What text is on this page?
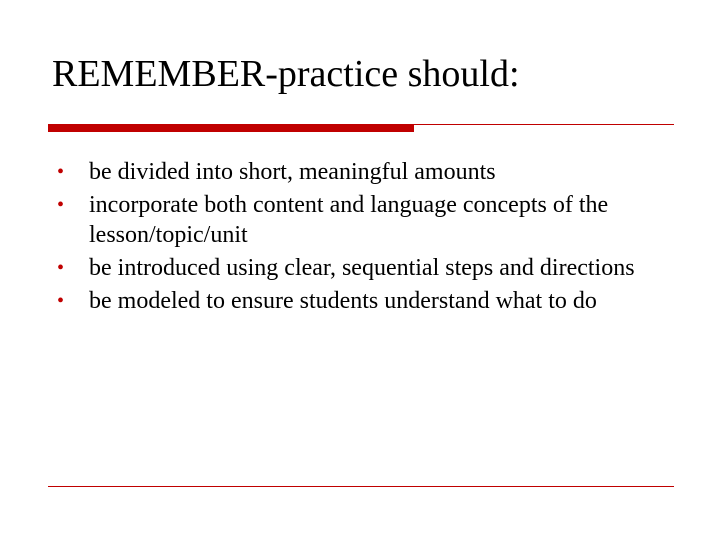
REMEMBER-practice should:
• be divided into short, meaningful amounts
• incorporate both content and language concepts of the lesson/topic/unit
• be introduced using clear, sequential steps and directions
• be modeled to ensure students understand what to do
